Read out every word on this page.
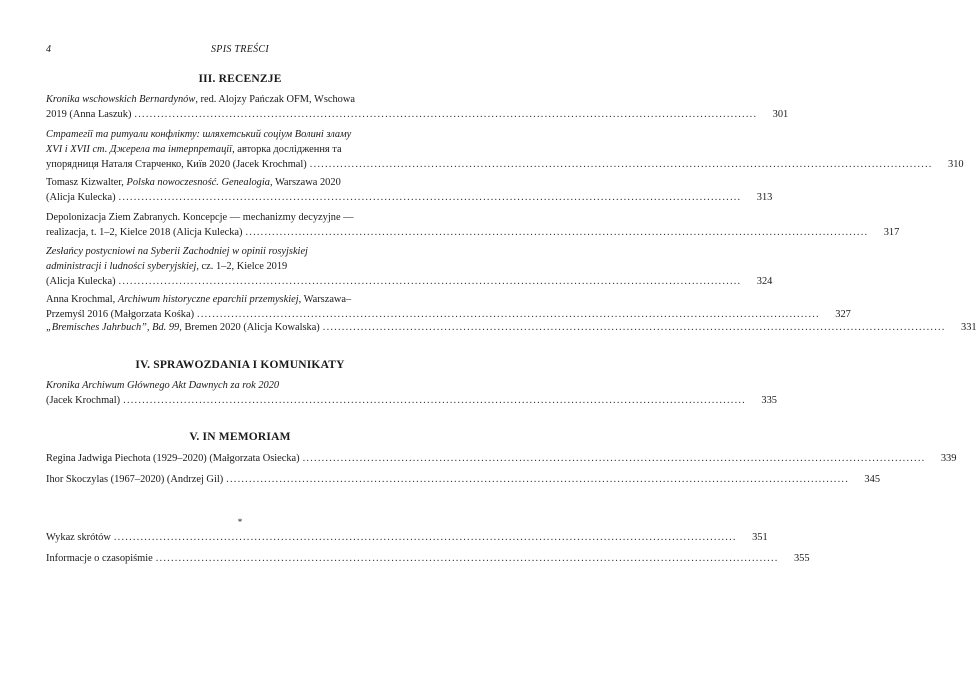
4	SPIS TREŚCI
III. RECENZJE
Kronika wschowskich Bernardynów, red. Alojzy Pańczak OFM, Wschowa
2019 (Anna Laszuk) ....................................................................................................................................................................	301
Стратегії та ритуали конфлікту: шляхетський соціум Волині зламу
XVI і XVII ст. Джерела та інтерпретації, авторка дослідження та
упорядниця Наталя Старченко, Київ 2020 (Jacek Krochmal) ....................................................................................................................................................................	310
Tomasz Kizwalter, Polska nowoczesność. Genealogia, Warszawa 2020
(Alicja Kulecka) ....................................................................................................................................................................	313
Depolonizacja Ziem Zabranych. Koncepcje — mechanizmy decyzyjne —
realizacja, t. 1–2, Kielce 2018 (Alicja Kulecka) ....................................................................................................................................................................	317
Zesłańcy postycniowi na Syberii Zachodniej w opinii rosyjskiej
administracji i ludności syberyjskiej, cz. 1–2, Kielce 2019
(Alicja Kulecka) ....................................................................................................................................................................	324
Anna Krochmal, Archiwum historyczne eparchii przemyskiej, Warszawa–
Przemyśl 2016 (Małgorzata Kośka) ....................................................................................................................................................................	327
„Bremisches Jahrbuch”, Bd. 99, Bremen 2020 (Alicja Kowalska) ....................................................................................................................................................................	331
IV. SPRAWOZDANIA I KOMUNIKATY
Kronika Archiwum Głównego Akt Dawnych za rok 2020
(Jacek Krochmal) ....................................................................................................................................................................	335
V. IN MEMORIAM
Regina Jadwiga Piechota (1929–2020) (Małgorzata Osiecka) ....................................................................................................................................................................	339
Ihor Skoczylas (1967–2020) (Andrzej Gil) ....................................................................................................................................................................	345
*
Wykaz skrótów ....................................................................................................................................................................	351
Informacje o czasopiśmie ....................................................................................................................................................................	355
